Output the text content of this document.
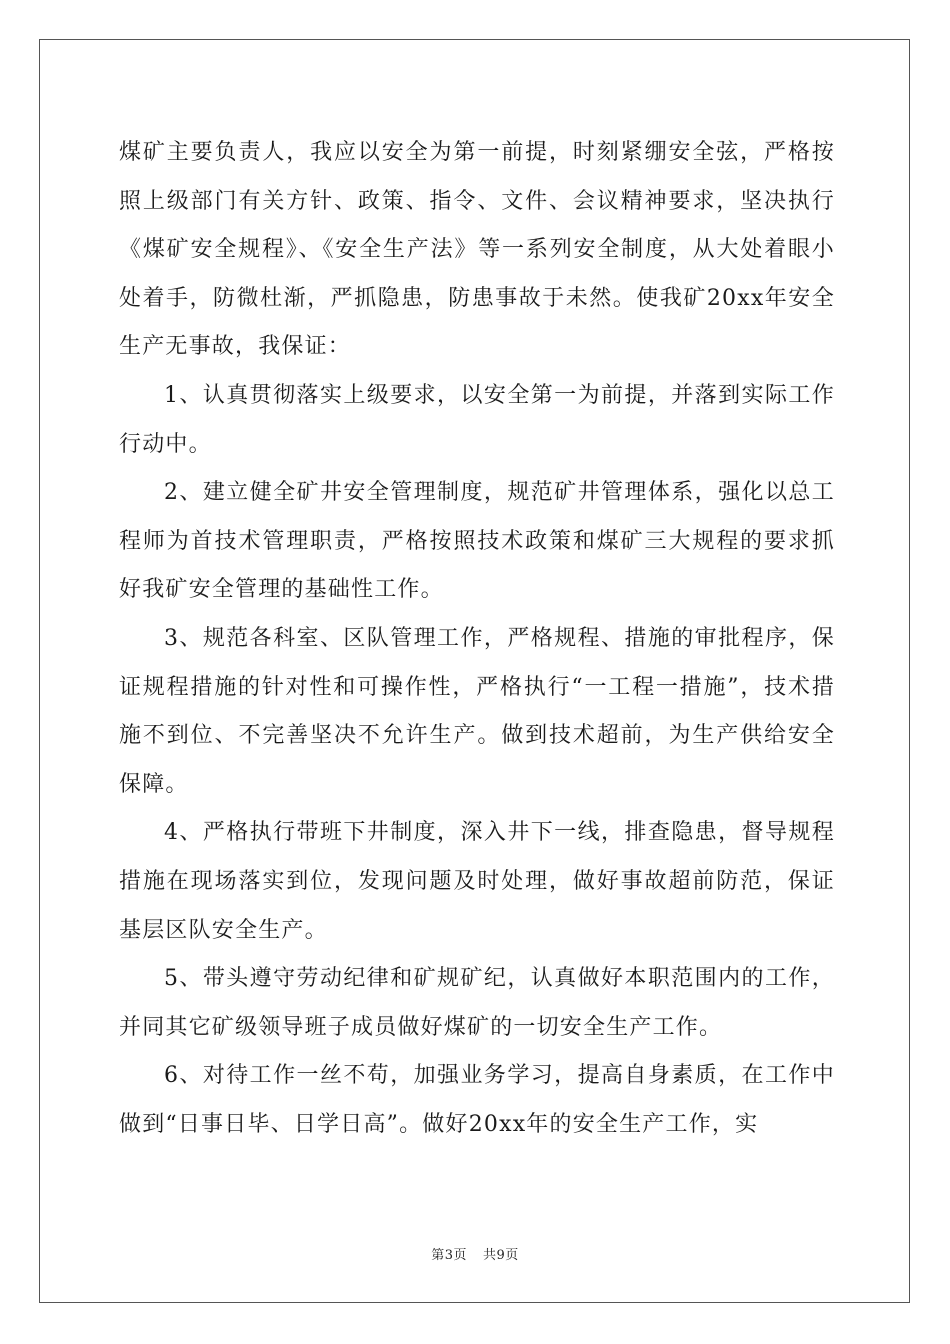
煤矿主要负责人，我应以安全为第一前提，时刻紧绷安全弦，严格按照上级部门有关方针、政策、指令、文件、会议精神要求，坚决执行《煤矿安全规程》、《安全生产法》等一系列安全制度，从大处着眼小处着手，防微杜渐，严抓隐患，防患事故于未然。使我矿20xx年安全生产无事故，我保证：

1、认真贯彻落实上级要求，以安全第一为前提，并落到实际工作行动中。

2、建立健全矿井安全管理制度，规范矿井管理体系，强化以总工程师为首技术管理职责，严格按照技术政策和煤矿三大规程的要求抓好我矿安全管理的基础性工作。

3、规范各科室、区队管理工作，严格规程、措施的审批程序，保证规程措施的针对性和可操作性，严格执行“一工程一措施”，技术措施不到位、不完善坚决不允许生产。做到技术超前，为生产供给安全保障。

4、严格执行带班下井制度，深入井下一线，排查隐患，督导规程措施在现场落实到位，发现问题及时处理，做好事故超前防范，保证基层区队安全生产。

5、带头遵守劳动纪律和矿规矿纪，认真做好本职范围内的工作，并同其它矿级领导班子成员做好煤矿的一切安全生产工作。

6、对待工作一丝不苟，加强业务学习，提高自身素质，在工作中做到“日事日毕、日学日高”。做好20xx年的安全生产工作，实

第3页 共9页
